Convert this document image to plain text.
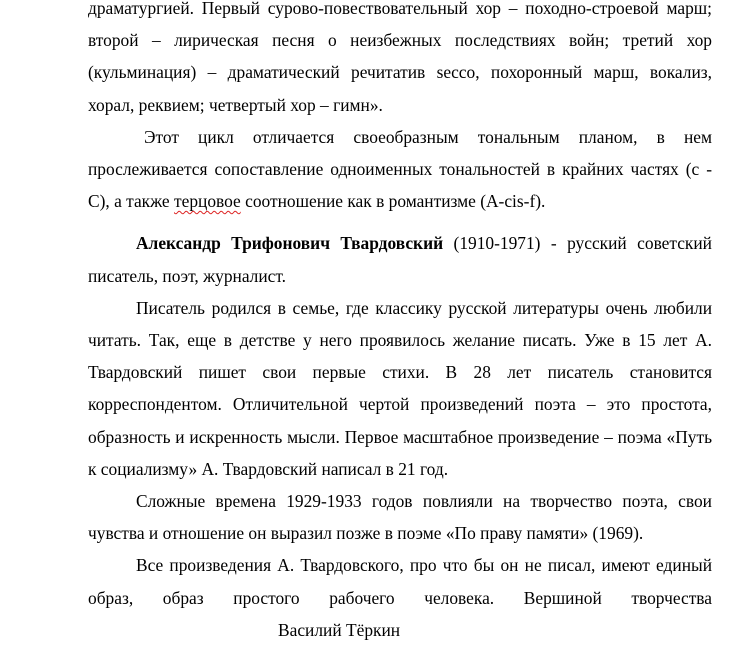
драматургией. Первый сурово-повествовательный хор – походно-строевой марш; второй – лирическая песня о неизбежных последствиях войн; третий хор (кульминация) – драматический речитатив secco, похоронный марш, вокализ, хорал, реквием; четвертый хор – гимн».

Этот цикл отличается своеобразным тональным планом, в нем прослеживается сопоставление одноименных тональностей в крайних частях (c - C), а также терцовое соотношение как в романтизме (A-cis-f).

Александр Трифонович Твардовский (1910-1971) - русский советский писатель, поэт, журналист.

Писатель родился в семье, где классику русской литературы очень любили читать. Так, еще в детстве у него проявилось желание писать. Уже в 15 лет А. Твардовский пишет свои первые стихи. В 28 лет писатель становится корреспондентом. Отличительной чертой произведений поэта – это простота, образность и искренность мысли. Первое масштабное произведение – поэма «Путь к социализму» А. Твардовский написал в 21 год.

Сложные времена 1929-1933 годов повлияли на творчество поэта, свои чувства и отношение он выразил позже в поэме «По праву памяти» (1969).

Все произведения А. Твардовского, про что бы он не писал, имеют единый образ, образ простого рабочего человека. Вершиной творчества Василий Тёркин
